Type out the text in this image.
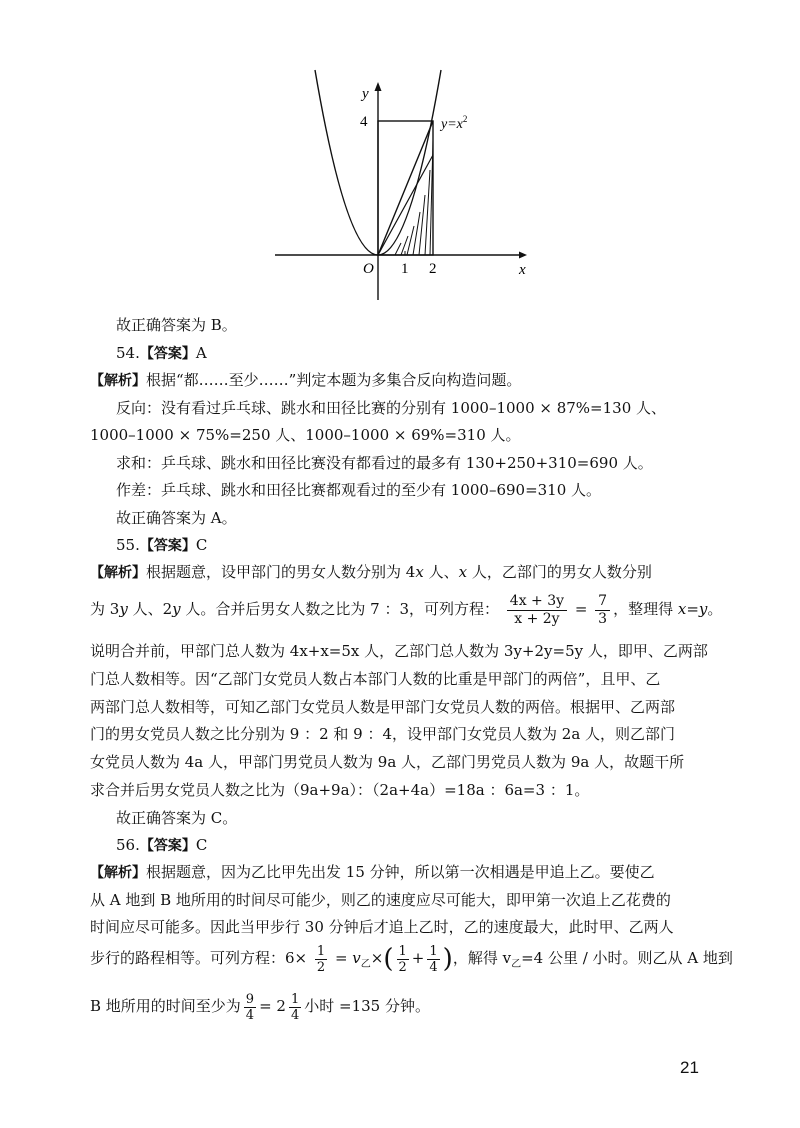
y
x
O
4
1 2
$y=x^2$
故正确答案为 B。
54.【答案】A
【解析】根据“都……至少……”判定本题为多集合反向构造问题。
反向：没有看过乒乓球、跳水和田径比赛的分别有 1000–1000 × 87%=130 人、
1000–1000 × 75%=250 人、1000–1000 × 69%=310 人。
求和：乒乓球、跳水和田径比赛没有都看过的最多有 130+250+310=690 人。
作差：乒乓球、跳水和田径比赛都观看过的至少有 1000–690=310 人。
故正确答案为 A。
55.【答案】C
【解析】根据题意，设甲部门的男女人数分别为 4x 人、x 人，乙部门的男女人数分别
为 3y 人、2y 人。合并后男女人数之比为 7 ：3，可列方程： $\frac{4x + 3y}{x + 2y} = \frac{7}{3}$ ，整理得 x=y。
说明合并前，甲部门总人数为 4x+x=5x 人，乙部门总人数为 3y+2y=5y 人，即甲、乙两部
门总人数相等。因“乙部门女党员人数占本部门人数的比重是甲部门的两倍”，且甲、乙
两部门总人数相等，可知乙部门女党员人数是甲部门女党员人数的两倍。根据甲、乙两部
门的男女党员人数之比分别为 9 ：2 和 9 ：4，设甲部门女党员人数为 2a 人，则乙部门
女党员人数为 4a 人，甲部门男党员人数为 9a 人，乙部门男党员人数为 9a 人，故题干所
求合并后男女党员人数之比为（9a+9a）：（2a+4a）=18a ：6a=3 ：1。
故正确答案为 C。
56.【答案】C
【解析】根据题意，因为乙比甲先出发 15 分钟，所以第一次相遇是甲追上乙。要使乙
从 A 地到 B 地所用的时间尽可能少，则乙的速度应尽可能大，即甲第一次追上乙花费的
时间应尽可能多。因此当甲步行 30 分钟后才追上乙时，乙的速度最大，此时甲、乙两人
步行的路程相等。可列方程：$6\times \frac{1}{2} = v_乙\times( \frac{1}{2} + \frac{1}{4}$ )，解得 $v_乙=4$ 公里 / 小时。则乙从 A 地到
B 地所用的时间至少为 $\frac{9}{4} = 2 \frac{1}{4}$ 小时 =135 分钟。
21
